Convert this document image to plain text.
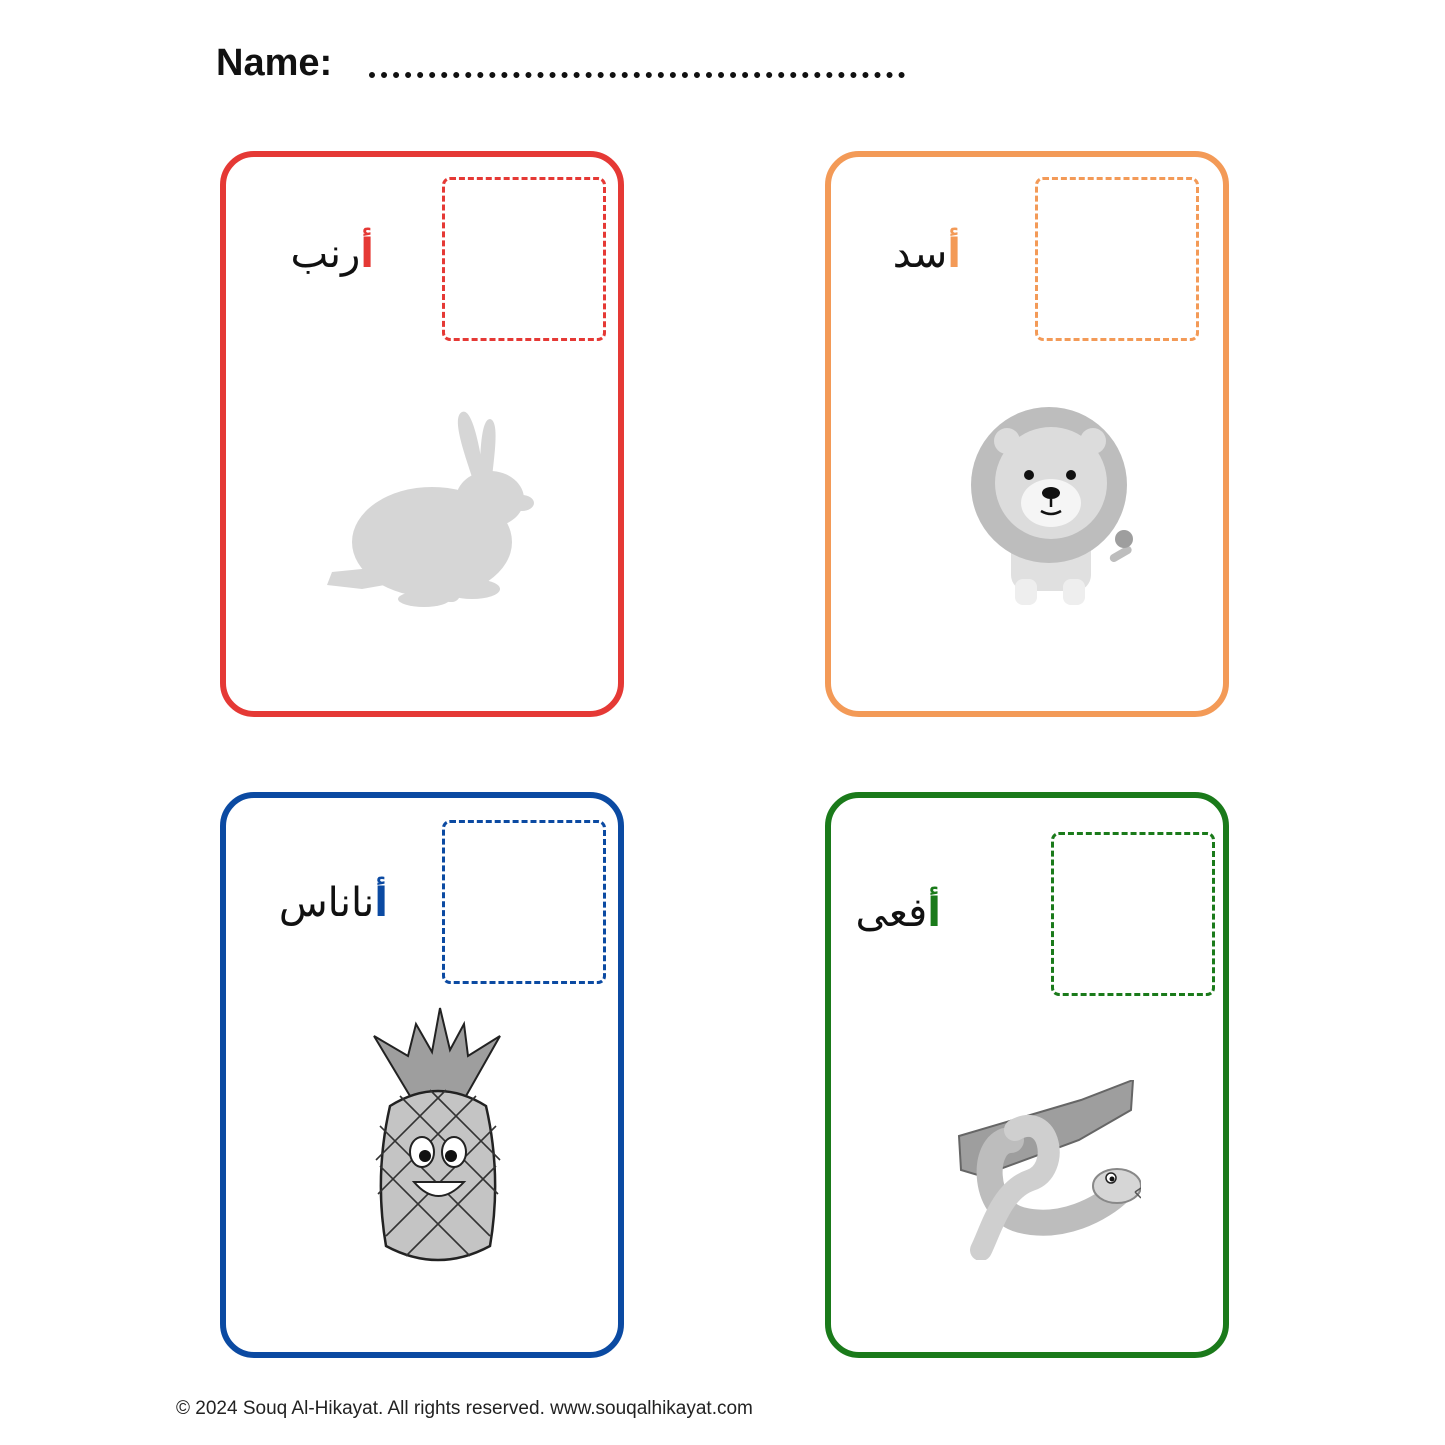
Name:
أرنب	أسد
أناناس	أفعى
© 2024 Souq Al-Hikayat. All rights reserved. www.souqalhikayat.com
